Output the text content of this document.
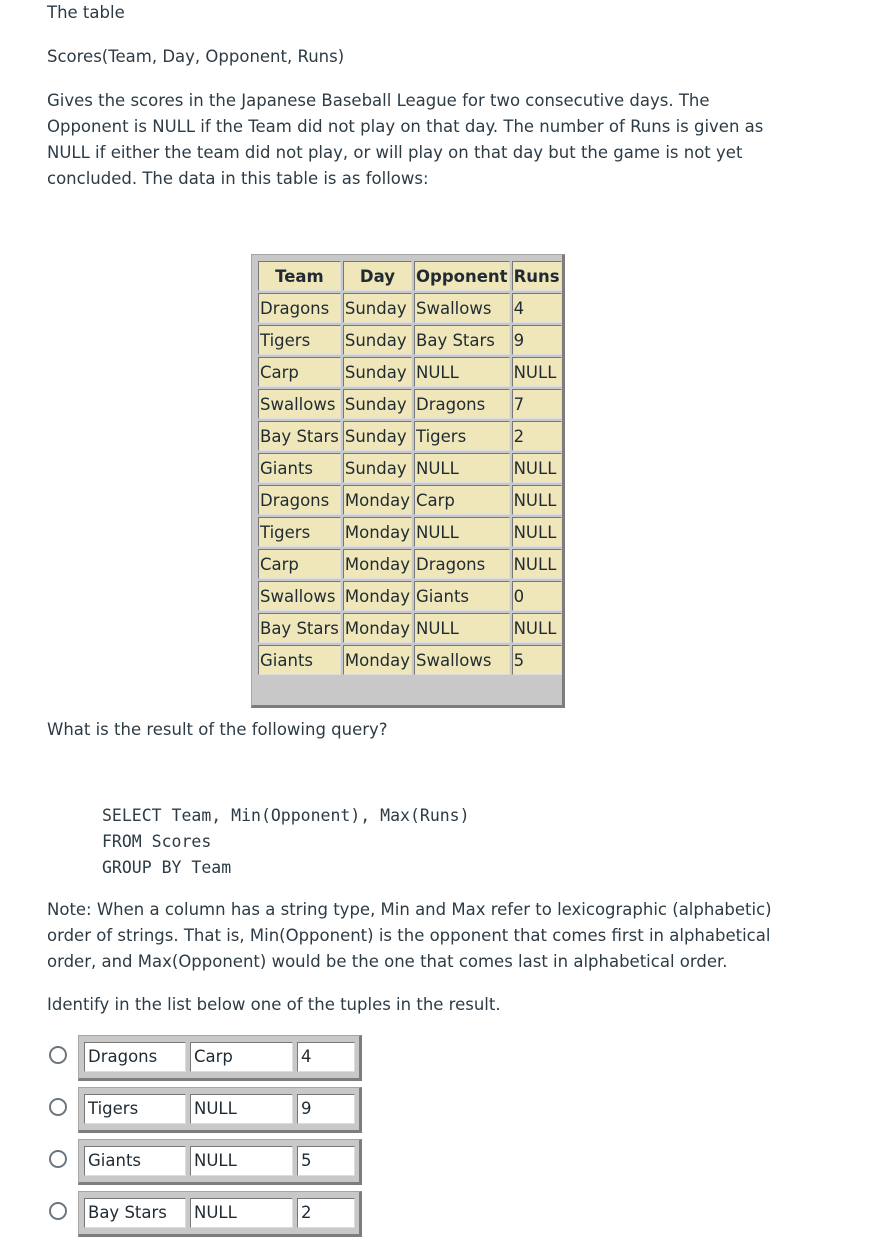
The table

Scores(Team, Day, Opponent, Runs)

Gives the scores in the Japanese Baseball League for two consecutive days. The

Opponent is NULL if the Team did not play on that day. The number of Runs is given as

NULL if either the team did not play, or will play on that day but the game is not yet

concluded. The data in this table is as follows:

Team	Day	Opponent	Runs
Dragons	Sunday	Swallows	4
Tigers	Sunday	Bay Stars	9
Carp	Sunday	NULL	NULL
Swallows	Sunday	Dragons	7
Bay Stars	Sunday	Tigers	2
Giants	Sunday	NULL	NULL
Dragons	Monday	Carp	NULL
Tigers	Monday	NULL	NULL
Carp	Monday	Dragons	NULL
Swallows	Monday	Giants	0
Bay Stars	Monday	NULL	NULL
Giants	Monday	Swallows	5

What is the result of the following query?

SELECT Team, Min(Opponent), Max(Runs)
FROM Scores
GROUP BY Team

Note: When a column has a string type, Min and Max refer to lexicographic (alphabetic)

order of strings. That is, Min(Opponent) is the opponent that comes first in alphabetical

order, and Max(Opponent) would be the one that comes last in alphabetical order.

Identify in the list below one of the tuples in the result.

Dragons	Carp	4
Tigers	NULL	9
Giants	NULL	5
Bay Stars	NULL	2
